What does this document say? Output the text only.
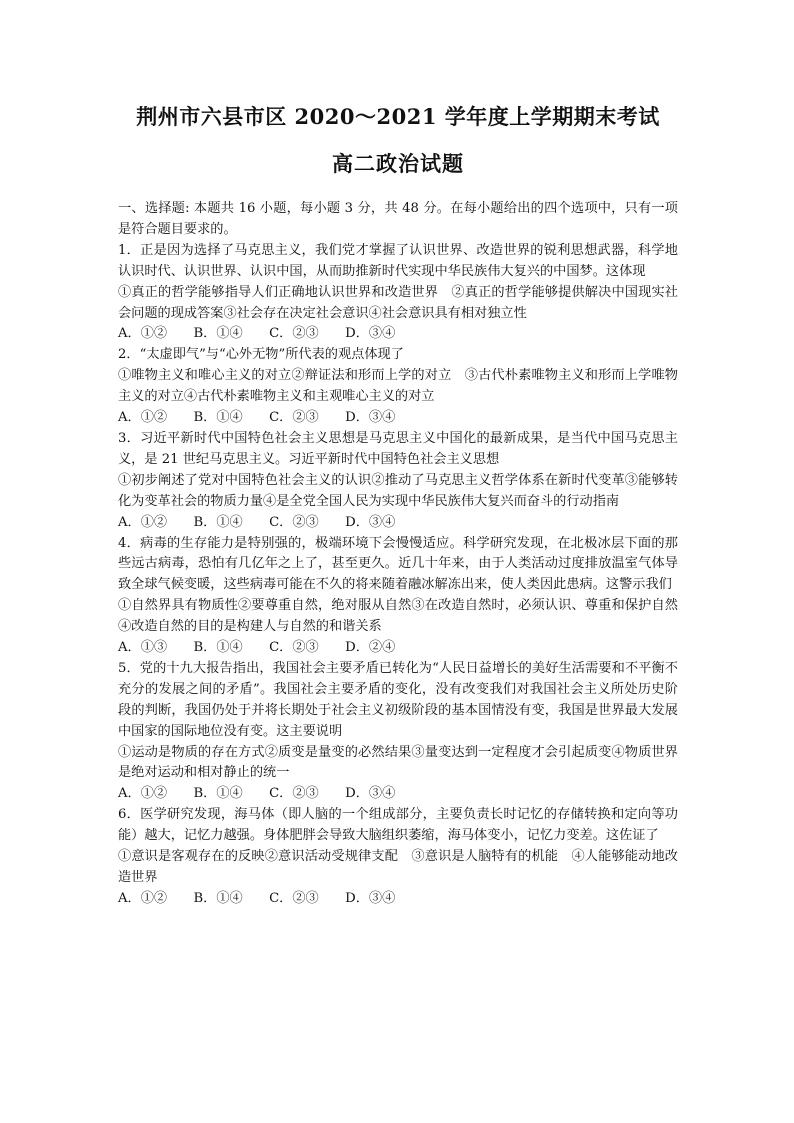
荆州市六县市区 2020～2021 学年度上学期期末考试
高二政治试题

一、选择题: 本题共 16 小题，每小题 3 分，共 48 分。在每小题给出的四个选项中，只有一项是符合题目要求的。

1．正是因为选择了马克思主义，我们党才掌握了认识世界、改造世界的锐利思想武器，科学地认识时代、认识世界、认识中国，从而助推新时代实现中华民族伟大复兴的中国梦。这体现

①真正的哲学能够指导人们正确地认识世界和改造世界　②真正的哲学能够提供解决中国现实社会问题的现成答案③社会存在决定社会意识④社会意识具有相对独立性

A．①②　　B．①④　　C．②③　　D．③④

2．“太虚即气”与“心外无物”所代表的观点体现了

①唯物主义和唯心主义的对立②辩证法和形而上学的对立　③古代朴素唯物主义和形而上学唯物主义的对立④古代朴素唯物主义和主观唯心主义的对立

A．①②　　B．①④　　C．②③　　D．③④

3．习近平新时代中国特色社会主义思想是马克思主义中国化的最新成果，是当代中国马克思主义，是 21 世纪马克思主义。习近平新时代中国特色社会主义思想

①初步阐述了党对中国特色社会主义的认识②推动了马克思主义哲学体系在新时代变革③能够转化为变革社会的物质力量④是全党全国人民为实现中华民族伟大复兴而奋斗的行动指南

A．①②　　B．①④　　C．②③　　D．③④

4．病毒的生存能力是特别强的，极端环境下会慢慢适应。科学研究发现，在北极冰层下面的那些远古病毒，恐怕有几亿年之上了，甚至更久。近几十年来，由于人类活动过度排放温室气体导致全球气候变暖，这些病毒可能在不久的将来随着融冰解冻出来，使人类因此患病。这警示我们

①自然界具有物质性②要尊重自然，绝对服从自然③在改造自然时，必须认识、尊重和保护自然④改造自然的目的是构建人与自然的和谐关系

A．①③　　B．①④　　C．②③　　D．②④

5．党的十九大报告指出，我国社会主要矛盾已转化为“人民日益增长的美好生活需要和不平衡不充分的发展之间的矛盾”。我国社会主要矛盾的变化，没有改变我们对我国社会主义所处历史阶段的判断，我国仍处于并将长期处于社会主义初级阶段的基本国情没有变，我国是世界最大发展中国家的国际地位没有变。这主要说明

①运动是物质的存在方式②质变是量变的必然结果③量变达到一定程度才会引起质变④物质世界是绝对运动和相对静止的统一

A．①②　　B．①④　　C．②③　　D．③④

6．医学研究发现，海马体（即人脑的一个组成部分，主要负责长时记忆的存储转换和定向等功能）越大，记忆力越强。身体肥胖会导致大脑组织萎缩，海马体变小，记忆力变差。这佐证了

①意识是客观存在的反映②意识活动受规律支配　③意识是人脑特有的机能　④人能够能动地改造世界

A．①②　　B．①④　　C．②③　　D．③④
